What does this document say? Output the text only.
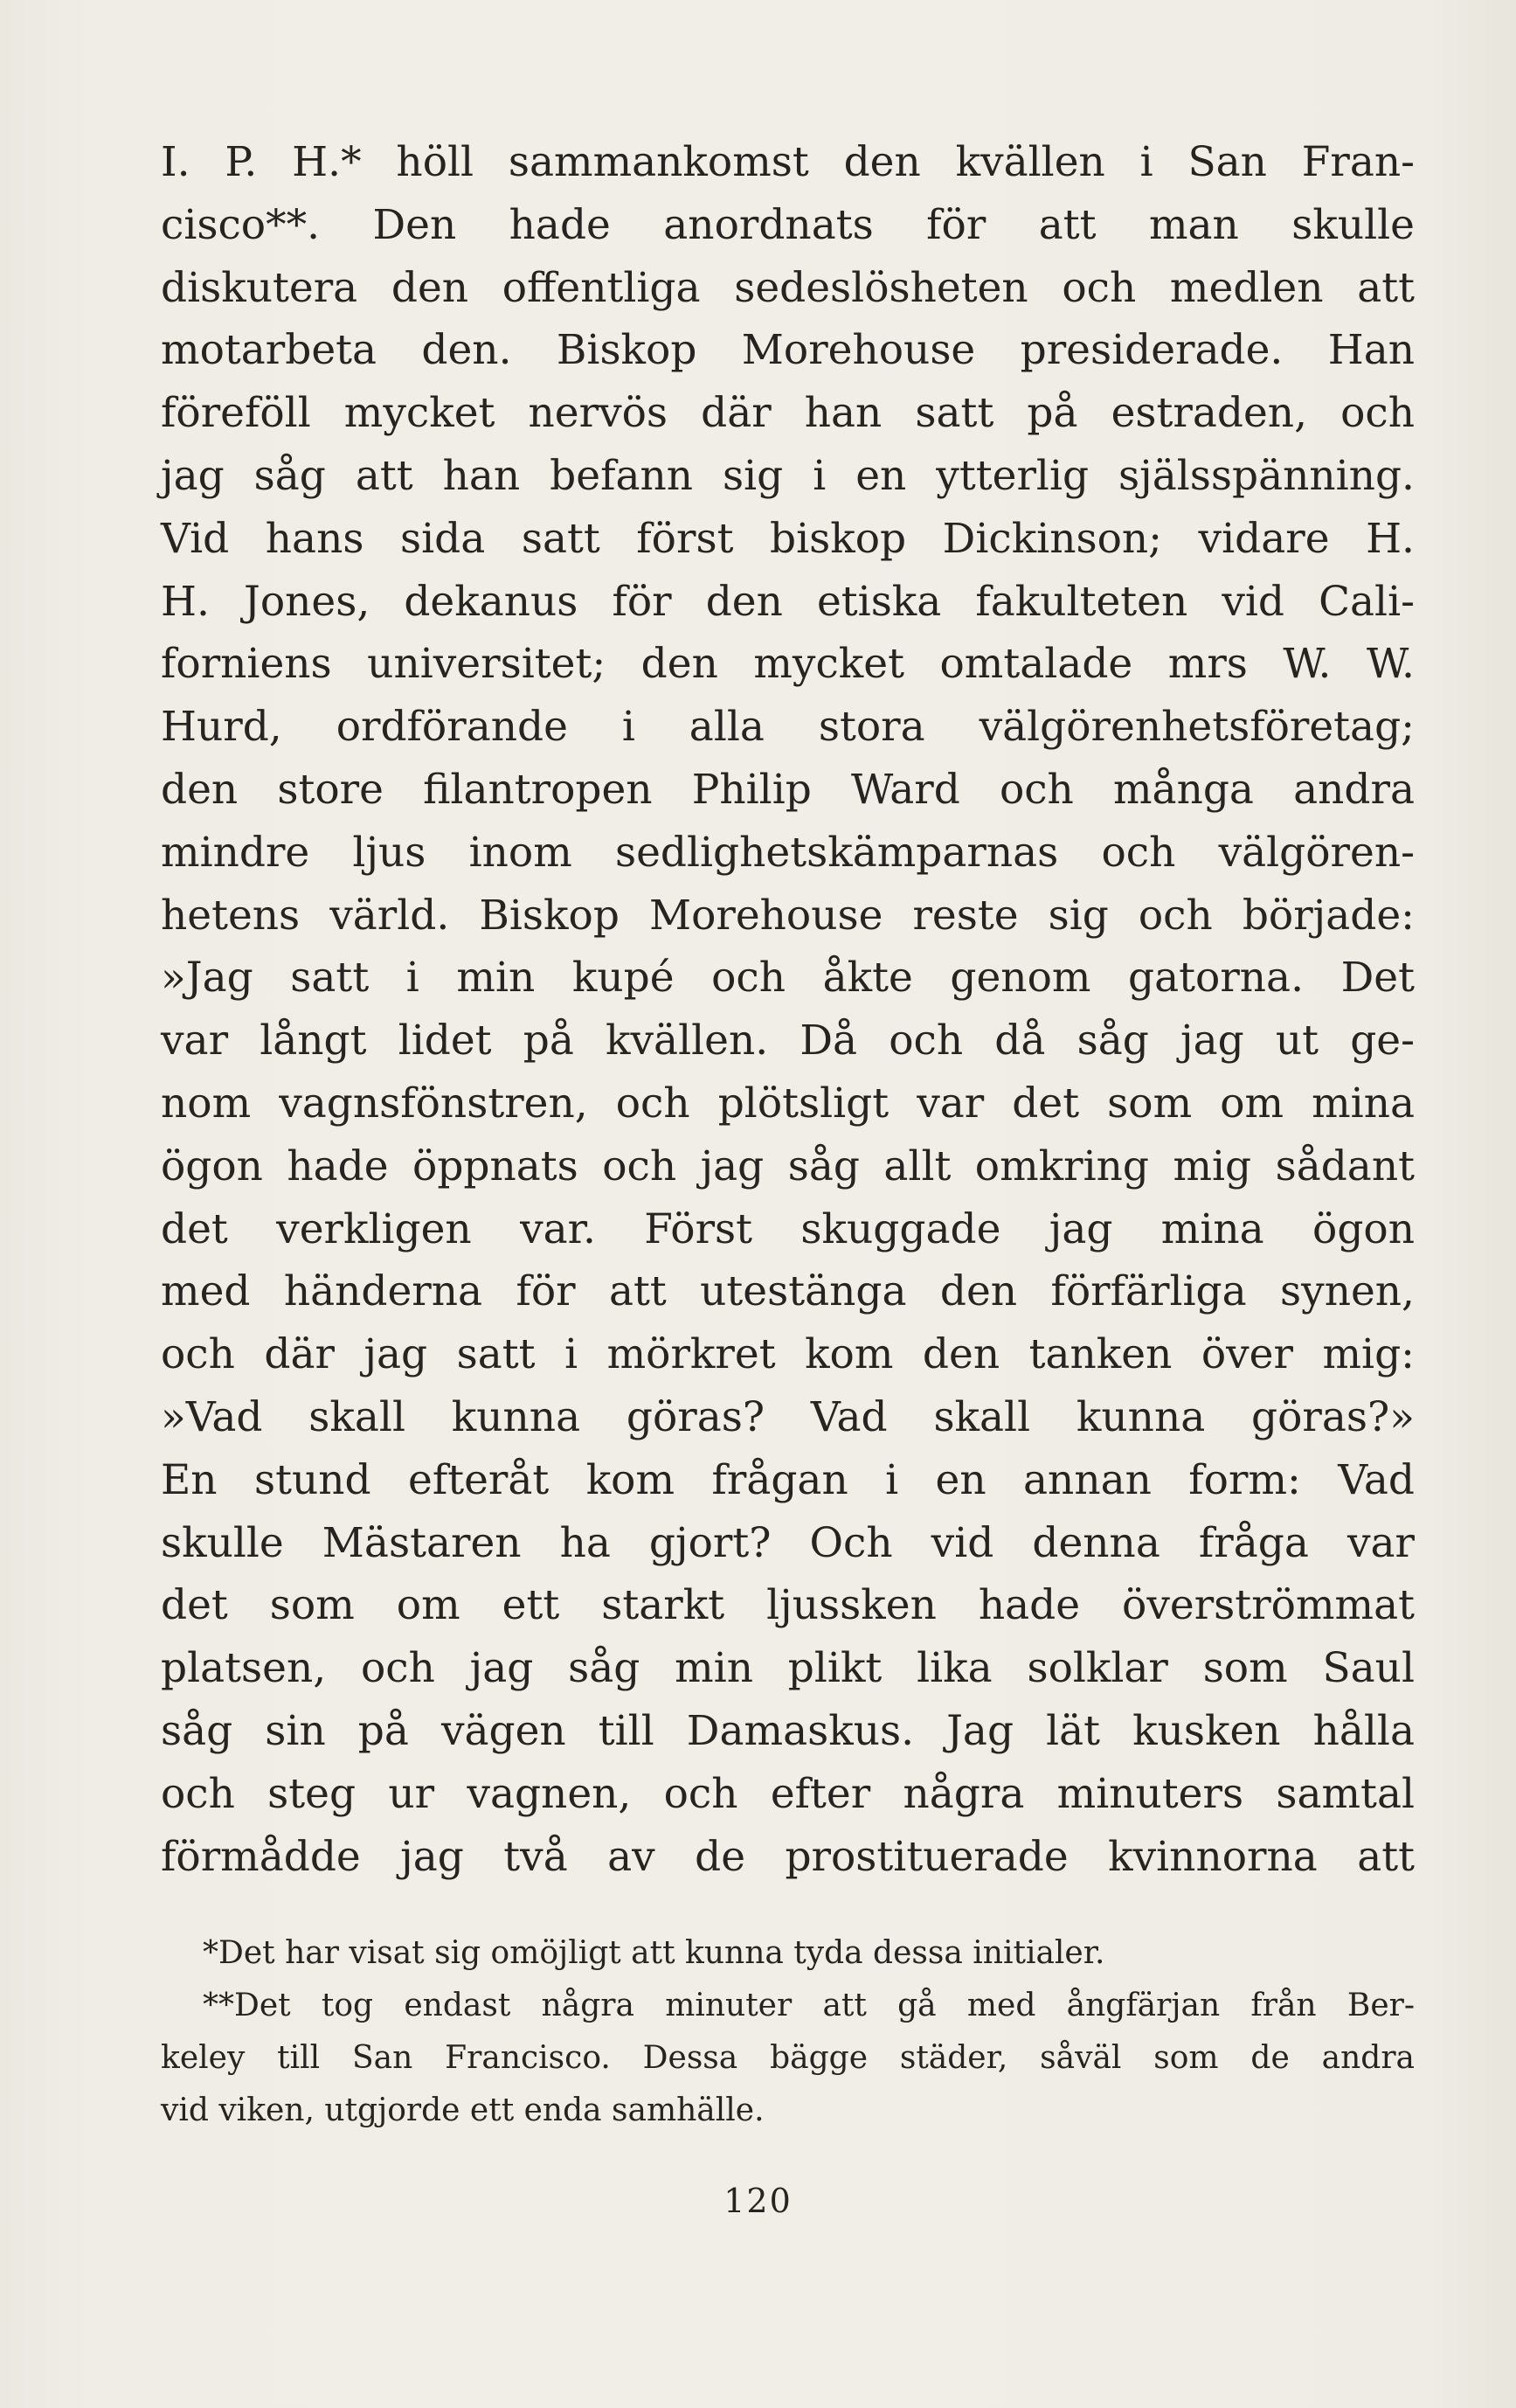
I. P. H.* höll sammankomst den kvällen i San Fran-
cisco**. Den hade anordnats för att man skulle
diskutera den offentliga sedeslösheten och medlen att
motarbeta den. Biskop Morehouse presiderade. Han
föreföll mycket nervös där han satt på estraden, och
jag såg att han befann sig i en ytterlig själsspänning.
Vid hans sida satt först biskop Dickinson; vidare H.
H. Jones, dekanus för den etiska fakulteten vid Cali-
forniens universitet; den mycket omtalade mrs W. W.
Hurd, ordförande i alla stora välgörenhetsföretag;
den store filantropen Philip Ward och många andra
mindre ljus inom sedlighetskämparnas och välgören-
hetens värld. Biskop Morehouse reste sig och började:
»Jag satt i min kupé och åkte genom gatorna. Det
var långt lidet på kvällen. Då och då såg jag ut ge-
nom vagnsfönstren, och plötsligt var det som om mina
ögon hade öppnats och jag såg allt omkring mig sådant
det verkligen var. Först skuggade jag mina ögon
med händerna för att utestänga den förfärliga synen,
och där jag satt i mörkret kom den tanken över mig:
»Vad skall kunna göras? Vad skall kunna göras?»
En stund efteråt kom frågan i en annan form: Vad
skulle Mästaren ha gjort? Och vid denna fråga var
det som om ett starkt ljussken hade överströmmat
platsen, och jag såg min plikt lika solklar som Saul
såg sin på vägen till Damaskus. Jag lät kusken hålla
och steg ur vagnen, och efter några minuters samtal
förmådde jag två av de prostituerade kvinnorna att
*Det har visat sig omöjligt att kunna tyda dessa initialer.
**Det tog endast några minuter att gå med ångfärjan från Ber-
keley till San Francisco. Dessa bägge städer, såväl som de andra
vid viken, utgjorde ett enda samhälle.
120
